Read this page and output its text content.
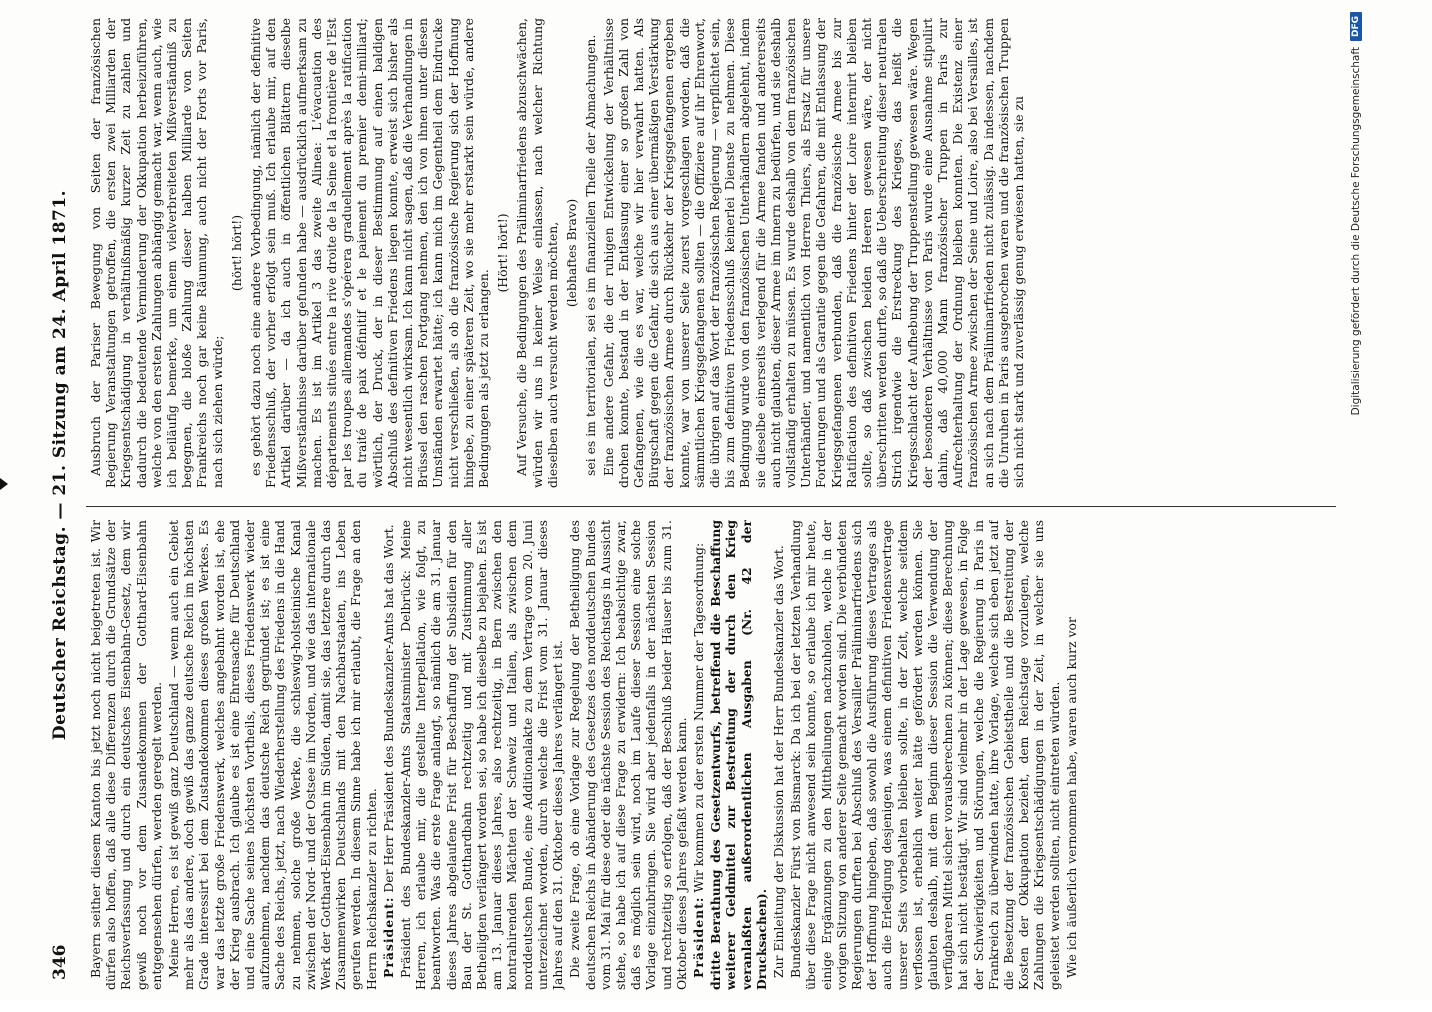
346
Deutscher Reichstag. — 21. Sitzung am 24. April 1871.

Bayern seither diesem Kanton bis jetzt noch nicht beigetreten ist. Wir dürfen also hoffen, daß alle diese Differenzen durch die Grundsätze der Reichsverfassung und durch ein deutsches Eisenbahn-Gesetz, dem wir gewiß noch vor dem Zusandekommen der Gotthard-Eisenbahn entgegensehen dürfen, werden geregelt werden. Meine Herren, es ist gewiß ganz Deutschland — wenn auch ein Gebiet mehr als das andere, doch gewiß das ganze deutsche Reich im höchsten Grade interessirt bei dem Zustandekommen dieses großen Werkes. Es war das letzte große Friedenswerk, welches angebahnt worden ist, ehe der Krieg ausbrach. Ich glaube es ist eine Ehrensache für Deutschland und eine Sache seines höchsten Vortheils, dieses Friedenswerk wieder aufzunehmen, nachdem das deutsche Reich gegründet ist; es ist eine Sache des Reichs, jetzt, nach Wiederherstellung des Friedens in die Hand zu nehmen, solche große Werke, die schleswig-holsteinische Kanal zwischen der Nord- und der Ostsee im Norden, und wie das internationale Werk der Gotthard-Eisenbahn im Süden, damit sie, das letztere durch das Zusammenwirken Deutschlands mit den Nachbarstaaten, ins Leben gerufen werden. In diesem Sinne habe ich mir erlaubt, die Frage an den Herrn Reichskanzler zu richten. Präsident: Der Herr Präsident des Bundeskanzler-Amts hat das Wort. Präsident des Bundeskanzler-Amts Staatsminister Delbrück: Meine Herren, ich erlaube mir, die gestellte Interpellation, wie folgt, zu beantworten. Was die erste Frage anlangt, so nämlich die am 31. Januar dieses Jahres abgelaufene Frist für Beschaffung der Subsidien für den Bau der St. Gotthardbahn rechtzeitig und mit Zustimmung aller Betheiligten verlängert worden sei, so habe ich dieselbe zu bejahen. Es ist am 13. Januar dieses Jahres, also rechtzeitig, in Bern zwischen den kontrahirenden Mächten der Schweiz und Italien, als zwischen dem norddeutschen Bunde, eine Additionalakte zu dem Vertrage vom 20. Juni unterzeichnet worden, durch welche die Frist vom 31. Januar dieses Jahres auf den 31. Oktober dieses Jahres verlängert ist. Die zweite Frage, ob eine Vorlage zur Regelung der Betheiligung des deutschen Reichs in Abänderung des Gesetzes des norddeutschen Bundes vom 31. Mai für diese oder die nächste Session des Reichstags in Aussicht stehe, so habe ich auf diese Frage zu erwidern: Ich beabsichtige zwar, daß es möglich sein wird, noch im Laufe dieser Session eine solche Vorlage einzubringen. Sie wird aber jedenfalls in der nächsten Session und rechtzeitig so erfolgen, daß der Beschluß beider Häuser bis zum 31. Oktober dieses Jahres gefaßt werden kann. Präsident: Wir kommen zu der ersten Nummer der Tagesordnung: dritte Berathung des Gesetzentwurfs, betreffend die Beschaffung weiterer Geldmittel zur Bestreitung der durch den Krieg veranlaßten außerordentlichen Ausgaben (Nr. 42 der Drucksachen). Zur Einleitung der Diskussion hat der Herr Bundeskanzler das Wort. Bundeskanzler Fürst von Bismarck: Da ich bei der letzten Verhandlung über diese Frage nicht anwesend sein konnte, so erlaube ich mir heute, einige Ergänzungen zu den Mittheilungen nachzuholen, welche in der vorigen Sitzung von anderer Seite gemacht worden sind. Die verbündeten Regierungen durften bei Abschluß des Versailler Präliminarfriedens sich der Hoffnung hingeben, daß sowohl die Ausführung dieses Vertrages als auch die Erledigung desjenigen, was einem definitiven Friedensvertrage unserer Seits vorbehalten bleiben sollte, in der Zeit, welche seitdem verflossen ist, erheblich weiter hätte gefördert werden können. Sie glaubten deshalb, mit dem Beginn dieser Session die Verwendung der verfügbaren Mittel sicher vorausberechnen zu können; diese Berechnung hat sich nicht bestätigt. Wir sind vielmehr in der Lage gewesen, in Folge der Schwierigkeiten und Störungen, welche die Regierung in Paris in Frankreich zu überwinden hatte, ihre Vorlage, welche sich eben jetzt auf die Besetzung der französischen Gebietstheile und die Bestreitung der Kosten der Okkupation bezieht, dem Reichstage vorzulegen, welche Zahlungen die Kriegsentschädigungen in der Zeit, in welcher sie uns geleistet werden sollten, nicht eintreten würden. Wie ich äußerlich vernommen habe, waren auch kurz vor

Ausbruch der Pariser Bewegung von Seiten der französischen Regierung Veranstaltungen getroffen, die ersten zwei Milliarden der Kriegsentschädigung in verhältnißmäßig kurzer Zeit zu zahlen und dadurch die bedeutende Verminderung der Okkupation herbeizuführen, welche von den ersten Zahlungen abhängig gemacht war, wenn auch, wie ich beiläufig bemerke, um einem vielverbreiteten Mißverständniß zu begegnen, die bloße Zahlung dieser halben Milliarde von Seiten Frankreichs noch gar keine Räumung, auch nicht der Forts vor Paris, nach sich ziehen würde;

(hört! hört!) es gehört dazu noch eine andere Vorbedingung, nämlich der definitive Friedensschluß, der vorher erfolgt sein muß. Ich erlaube mir, auf den Artikel darüber — da ich auch in öffentlichen Blättern dieselbe Mißverständnisse darüber gefunden habe — ausdrücklich aufmerksam zu machen. Es ist im Artikel 3 das zweite Alinea: L'évacuation des départements situés entre la rive droite de la Seine et la frontière de l'Est par les troupes allemandes s'opérera graduellement après la ratification du traité de paix définitif et le paiement du premier demi-milliard; wörtlich, der Druck, der in dieser Bestimmung auf einen baldigen Abschluß des definitiven Friedens liegen konnte, erweist sich bisher als nicht wesentlich wirksam. Ich kann nicht sagen, daß die Verhandlungen in Brüssel den raschen Fortgang nehmen, den ich von ihnen unter diesen Umständen erwartet hätte; ich kann mich im Gegentheil dem Eindrucke nicht verschließen, als ob die französische Regierung sich der Hoffnung hingebe, zu einer späteren Zeit, wo sie mehr erstarkt sein würde, andere Bedingungen als jetzt zu erlangen.

(Hört! hört!) Auf Versuche, die Bedingungen des Präliminarfriedens abzuschwächen, würden wir uns in keiner Weise einlassen, nach welcher Richtung dieselben auch versucht werden möchten, (lebhaftes Bravo) sei es im territorialen, sei es im finanziellen Theile der Abmachungen. Eine andere Gefahr, die der ruhigen Entwickelung der Verhältnisse drohen konnte, bestand in der Entlassung einer so großen Zahl von Gefangenen, wie die es war, welche wir hier verwahrt hatten. Als Bürgschaft gegen die Gefahr, die sich aus einer übermäßigen Verstärkung der französischen Armee durch Rückkehr der Kriegsgefangenen ergeben konnte, war von unserer Seite zuerst vorgeschlagen worden, daß die sämmtlichen Kriegsgefangenen sollten — die Offiziere auf ihr Ehrenwort, die übrigen auf das Wort der französischen Regierung — verpflichtet sein, bis zum definitiven Friedensschluß keinerlei Dienste zu nehmen. Diese Bedingung wurde von den französischen Unterhändlern abgelehnt, indem sie dieselbe einerseits verlegend für die Armee fanden und andererseits auch nicht glaubten, dieser Armee im Innern zu bedürfen, und sie deshalb vollständig erhalten zu müssen. Es wurde deshalb von dem französischen Unterhändler, und namentlich von Herren Thiers, als Ersatz für unsere Forderungen und als Garantie gegen die Gefahren, die mit Entlassung der Kriegsgefangenen verbunden, daß die französische Armee bis zur Ratification des definitiven Friedens hinter der Loire internirt bleiben sollte, so daß zwischen beiden Heeren gewesen wäre, der nicht überschritten werden durfte, so daß die Ueberschreitung dieser neutralen Strich irgendwie die Erstreckung des Krieges, das heißt die Kriegsschlacht der Aufhebung der Truppenstellung gewesen wäre. Wegen der besonderen Verhältnisse von Paris wurde eine Ausnahme stipulirt dahin, daß 40,000 Mann französischer Truppen in Paris zur Aufrechterhaltung der Ordnung bleiben konnten. Die Existenz einer französischen Armee zwischen der Seine und Loire, also bei Versailles, ist an sich nach dem Präliminarfrieden nicht zulässig. Da indessen, nachdem die Unruhen in Paris ausgebrochen waren und die französischen Truppen sich nicht stark und zuverlässig genug erwiesen hatten, sie zu	Digitalisierung gefördert durch die Deutsche Forschungsgemeinschaft
DFG
